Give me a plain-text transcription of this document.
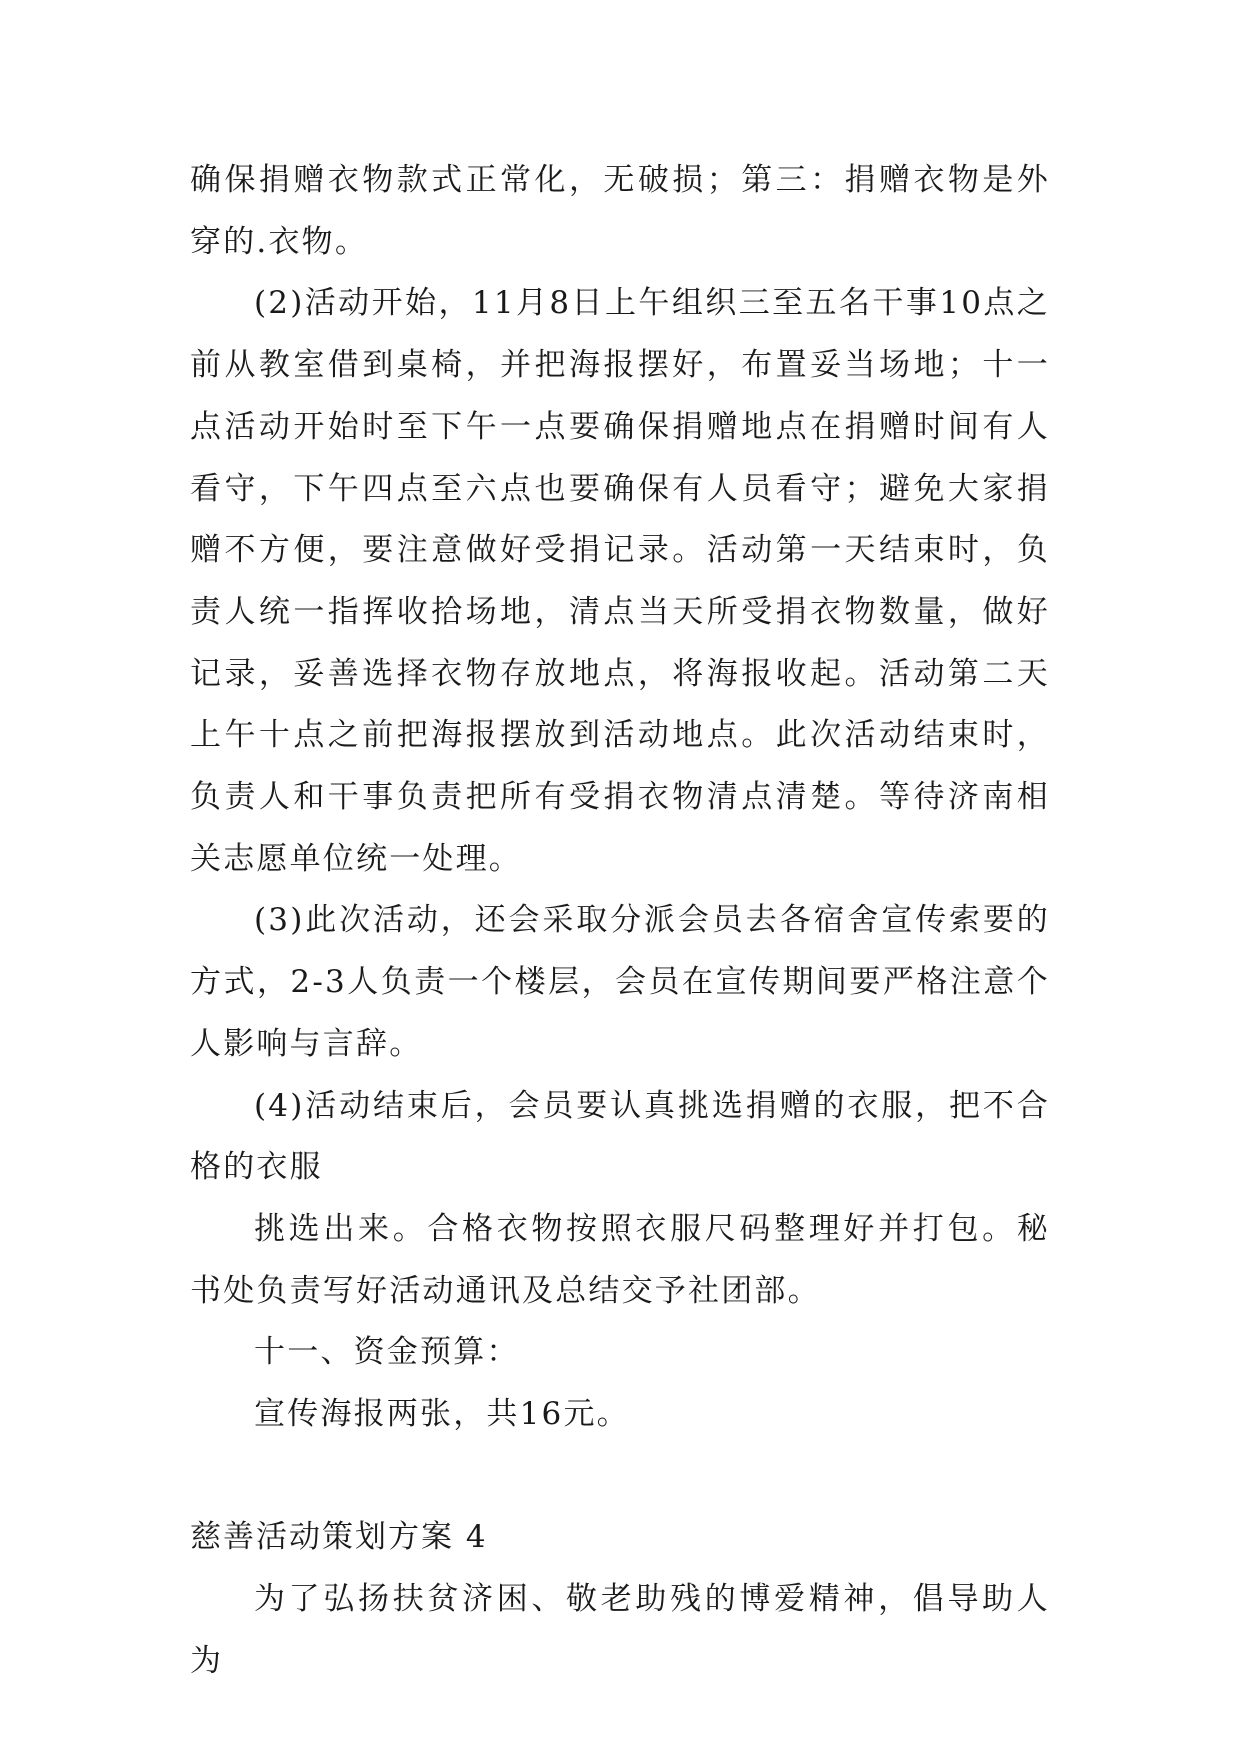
确保捐赠衣物款式正常化，无破损；第三：捐赠衣物是外穿的.衣物。

(2)活动开始，11月8日上午组织三至五名干事10点之前从教室借到桌椅，并把海报摆好，布置妥当场地；十一点活动开始时至下午一点要确保捐赠地点在捐赠时间有人看守，下午四点至六点也要确保有人员看守；避免大家捐赠不方便，要注意做好受捐记录。活动第一天结束时，负责人统一指挥收拾场地，清点当天所受捐衣物数量，做好记录，妥善选择衣物存放地点，将海报收起。活动第二天上午十点之前把海报摆放到活动地点。此次活动结束时，负责人和干事负责把所有受捐衣物清点清楚。等待济南相关志愿单位统一处理。

(3)此次活动，还会采取分派会员去各宿舍宣传索要的方式，2-3人负责一个楼层，会员在宣传期间要严格注意个人影响与言辞。

(4)活动结束后，会员要认真挑选捐赠的衣服，把不合格的衣服

挑选出来。合格衣物按照衣服尺码整理好并打包。秘书处负责写好活动通讯及总结交予社团部。

十一、资金预算：

宣传海报两张，共16元。

慈善活动策划方案 4

为了弘扬扶贫济困、敬老助残的博爱精神，倡导助人为
